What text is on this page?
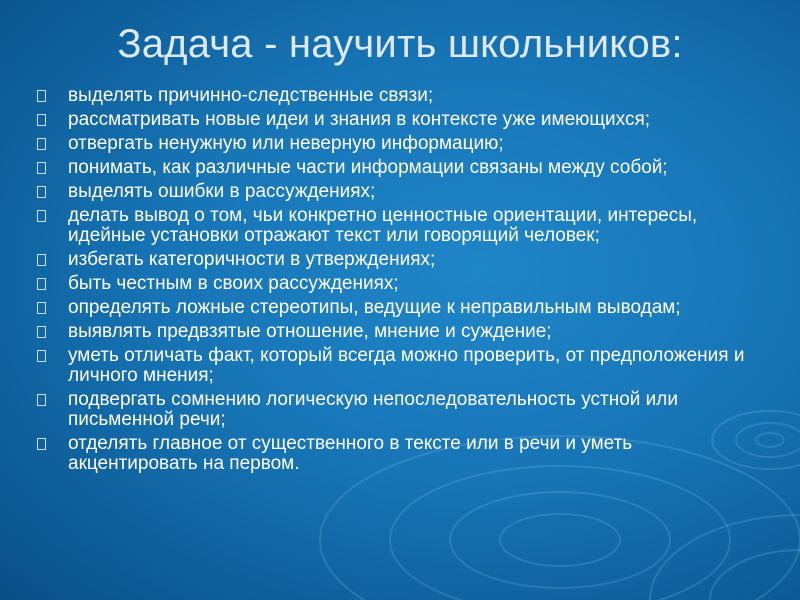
Задача - научить школьников:
выделять причинно-следственные связи;
рассматривать новые идеи и знания в контексте уже имеющихся;
отвергать ненужную или неверную информацию;
понимать, как различные части информации связаны между собой;
выделять ошибки в рассуждениях;
делать вывод о том, чьи конкретно ценностные ориентации, интересы, идейные установки отражают текст или говорящий человек;
избегать категоричности в утверждениях;
быть честным в своих рассуждениях;
определять ложные стереотипы, ведущие к неправильным выводам;
выявлять предвзятые отношение, мнение и суждение;
уметь отличать факт, который всегда можно проверить, от предположения и личного мнения;
подвергать сомнению логическую непоследовательность устной или письменной речи;
отделять главное от существенного в тексте или в речи и уметь акцентировать на первом.
